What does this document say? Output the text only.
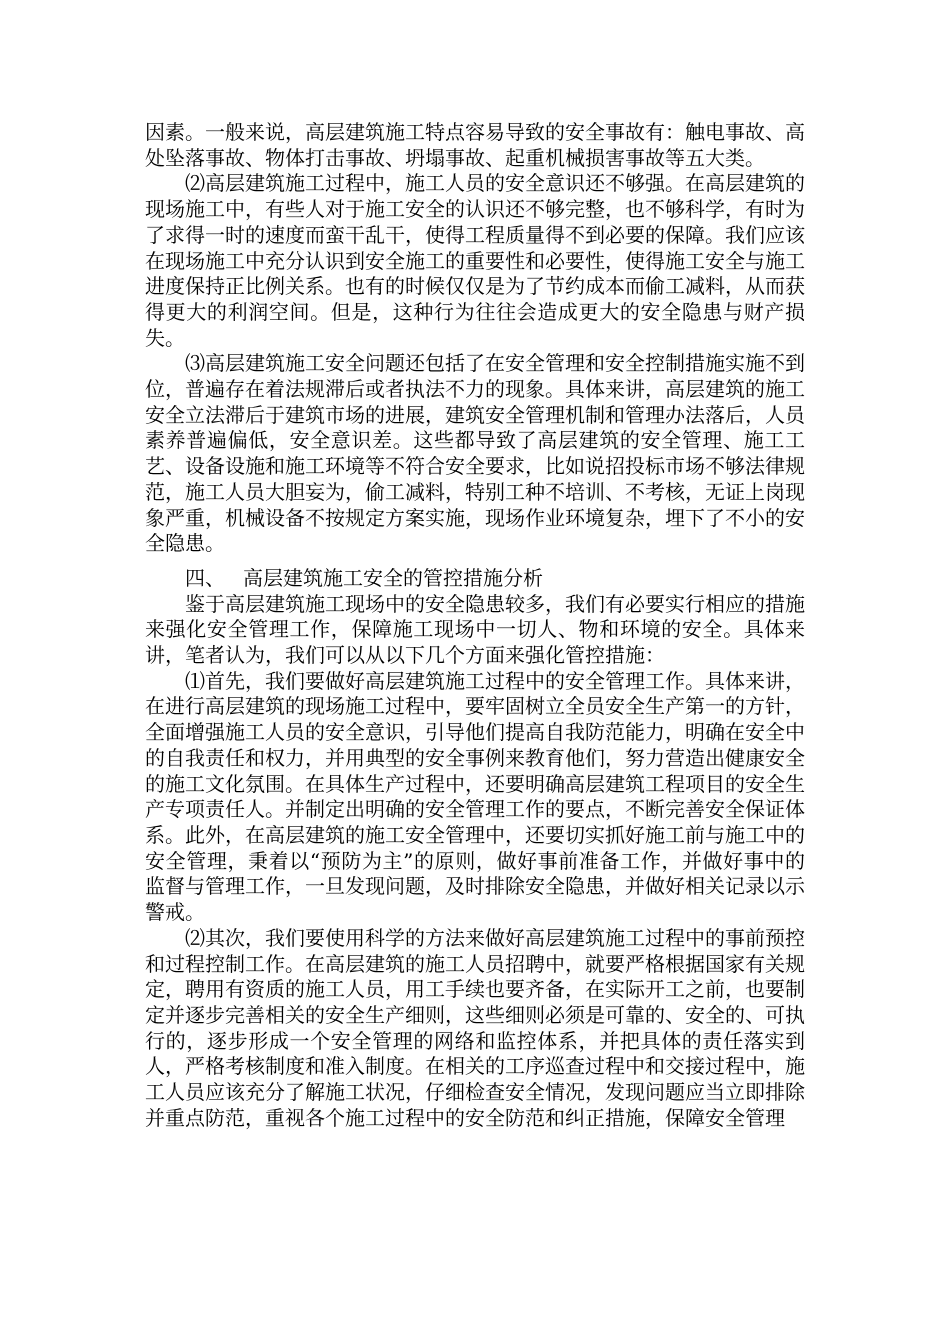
因素。一般来说，高层建筑施工特点容易导致的安全事故有：触电事故、高处坠落事故、物体打击事故、坍塌事故、起重机械损害事故等五大类。

⑵高层建筑施工过程中，施工人员的安全意识还不够强。在高层建筑的现场施工中，有些人对于施工安全的认识还不够完整，也不够科学，有时为了求得一时的速度而蛮干乱干，使得工程质量得不到必要的保障。我们应该在现场施工中充分认识到安全施工的重要性和必要性，使得施工安全与施工进度保持正比例关系。也有的时候仅仅是为了节约成本而偷工减料，从而获得更大的利润空间。但是，这种行为往往会造成更大的安全隐患与财产损失。

⑶高层建筑施工安全问题还包括了在安全管理和安全控制措施实施不到位，普遍存在着法规滞后或者执法不力的现象。具体来讲，高层建筑的施工安全立法滞后于建筑市场的进展，建筑安全管理机制和管理办法落后，人员素养普遍偏低，安全意识差。这些都导致了高层建筑的安全管理、施工工艺、设备设施和施工环境等不符合安全要求，比如说招投标市场不够法律规范，施工人员大胆妄为，偷工减料，特别工种不培训、不考核，无证上岗现象严重，机械设备不按规定方案实施，现场作业环境复杂，埋下了不小的安全隐患。

四、 高层建筑施工安全的管控措施分析

鉴于高层建筑施工现场中的安全隐患较多，我们有必要实行相应的措施来强化安全管理工作，保障施工现场中一切人、物和环境的安全。具体来讲，笔者认为，我们可以从以下几个方面来强化管控措施：

⑴首先，我们要做好高层建筑施工过程中的安全管理工作。具体来讲，在进行高层建筑的现场施工过程中，要牢固树立全员安全生产第一的方针，全面增强施工人员的安全意识，引导他们提高自我防范能力，明确在安全中的自我责任和权力，并用典型的安全事例来教育他们，努力营造出健康安全的施工文化氛围。在具体生产过程中，还要明确高层建筑工程项目的安全生产专项责任人。并制定出明确的安全管理工作的要点，不断完善安全保证体系。此外，在高层建筑的施工安全管理中，还要切实抓好施工前与施工中的安全管理，秉着以“预防为主”的原则，做好事前准备工作，并做好事中的监督与管理工作，一旦发现问题，及时排除安全隐患，并做好相关记录以示警戒。

⑵其次，我们要使用科学的方法来做好高层建筑施工过程中的事前预控和过程控制工作。在高层建筑的施工人员招聘中，就要严格根据国家有关规定，聘用有资质的施工人员，用工手续也要齐备，在实际开工之前，也要制定并逐步完善相关的安全生产细则，这些细则必须是可靠的、安全的、可执行的，逐步形成一个安全管理的网络和监控体系，并把具体的责任落实到人，严格考核制度和准入制度。在相关的工序巡查过程中和交接过程中，施工人员应该充分了解施工状况，仔细检查安全情况，发现问题应当立即排除并重点防范，重视各个施工过程中的安全防范和纠正措施，保障安全管理
